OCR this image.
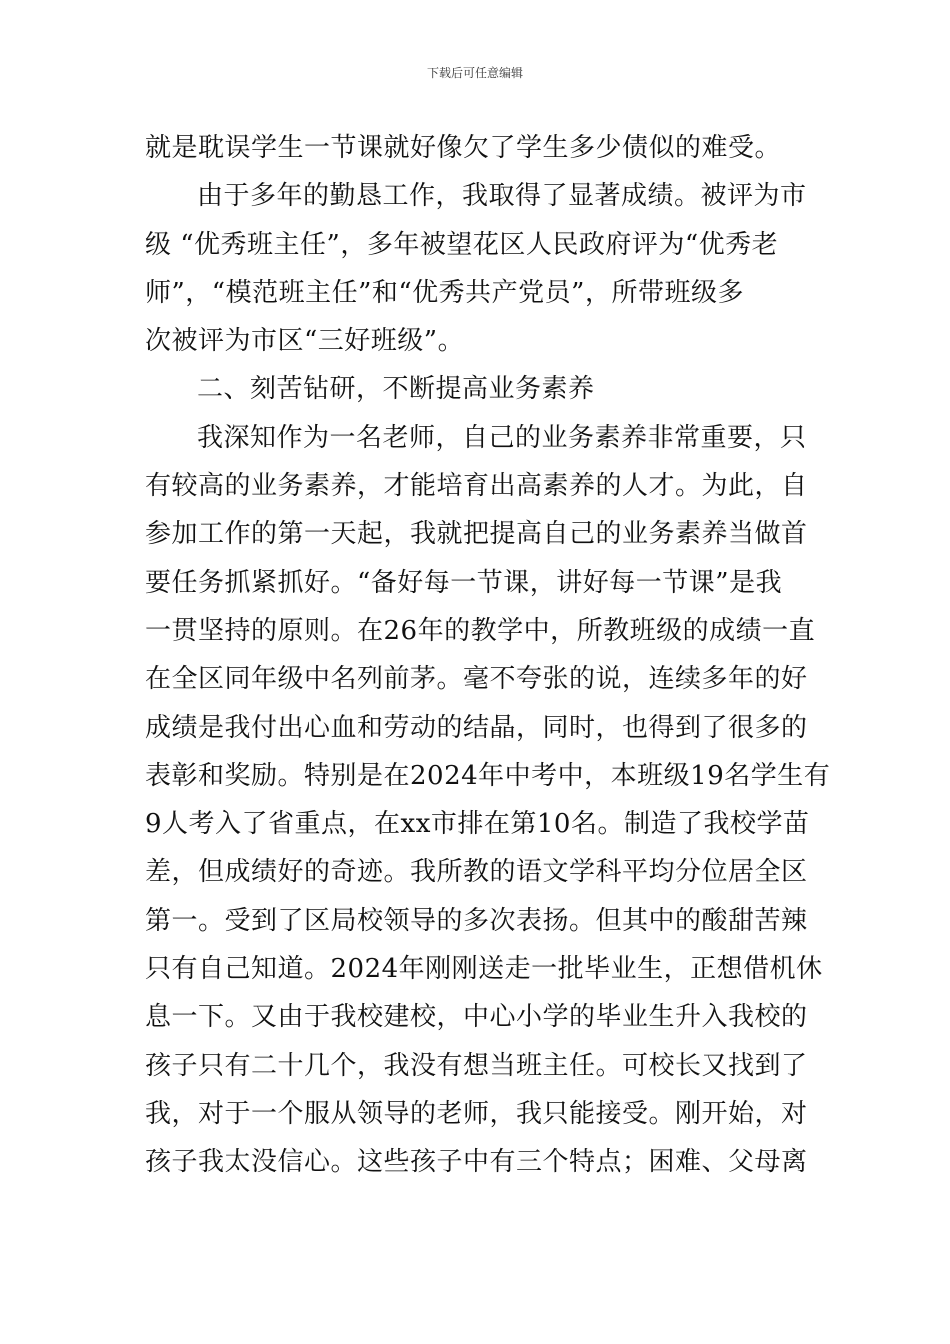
下载后可任意编辑
就是耽误学生一节课就好像欠了学生多少债似的难受。
由于多年的勤恳工作，我取得了显著成绩。被评为市
级 “优秀班主任”，多年被望花区人民政府评为“优秀老
师”，“模范班主任”和“优秀共产党员”，所带班级多
次被评为市区“三好班级”。
二、刻苦钻研，不断提高业务素养
我深知作为一名老师，自己的业务素养非常重要，只
有较高的业务素养，才能培育出高素养的人才。为此，自
参加工作的第一天起，我就把提高自己的业务素养当做首
要任务抓紧抓好。“备好每一节课，讲好每一节课”是我
一贯坚持的原则。在26年的教学中，所教班级的成绩一直
在全区同年级中名列前茅。毫不夸张的说，连续多年的好
成绩是我付出心血和劳动的结晶，同时，也得到了很多的
表彰和奖励。特别是在2024年中考中，本班级19名学生有
9人考入了省重点，在xx市排在第10名。制造了我校学苗
差，但成绩好的奇迹。我所教的语文学科平均分位居全区
第一。受到了区局校领导的多次表扬。但其中的酸甜苦辣
只有自己知道。2024年刚刚送走一批毕业生，正想借机休
息一下。又由于我校建校，中心小学的毕业生升入我校的
孩子只有二十几个，我没有想当班主任。可校长又找到了
我，对于一个服从领导的老师，我只能接受。刚开始，对
孩子我太没信心。这些孩子中有三个特点；困难、父母离
